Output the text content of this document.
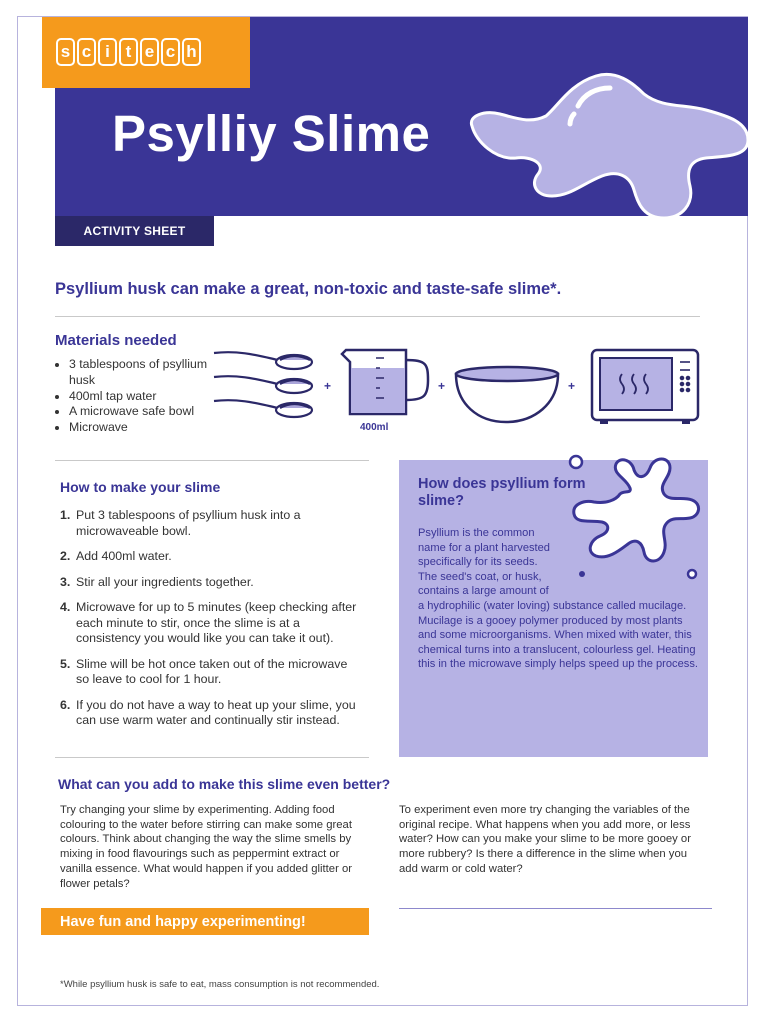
s c i t e c h
Psylliy Slime
ACTIVITY SHEET
Psyllium husk can make a great, non-toxic and taste-safe slime*.
Materials needed
• 3 tablespoons of psyllium husk
• 400ml tap water
• A microwave safe bowl
• Microwave
+
400ml
+	+
How to make your slime
1. Put 3 tablespoons of psyllium husk into a microwaveable bowl.
2. Add 400ml water.
3. Stir all your ingredients together.
4. Microwave for up to 5 minutes (keep checking after each minute to stir, once the slime is at a consistency you would like you can take it out).
5. Slime will be hot once taken out of the microwave so leave to cool for 1 hour.
6. If you do not have a way to heat up your slime, you can use warm water and continually stir instead.
How does psyllium form slime?
Psyllium is the common name for a plant harvested specifically for its seeds. The seed's coat, or husk, contains a large amount of
a hydrophilic (water loving) substance called mucilage. Mucilage is a gooey polymer produced by most plants and some microorganisms. When mixed with water, this chemical turns into a translucent, colourless gel. Heating this in the microwave simply helps speed up the process.
What can you add to make this slime even better?
Try changing your slime by experimenting. Adding food colouring to the water before stirring can make some great colours. Think about changing the way the slime smells by mixing in food flavourings such as peppermint extract or vanilla essence. What would happen if you added glitter or flower petals?
To experiment even more try changing the variables of the original recipe. What happens when you add more, or less water? How can you make your slime to be more gooey or more rubbery? Is there a difference in the slime when you add warm or cold water?
Have fun and happy experimenting!
*While psyllium husk is safe to eat, mass consumption is not recommended.
